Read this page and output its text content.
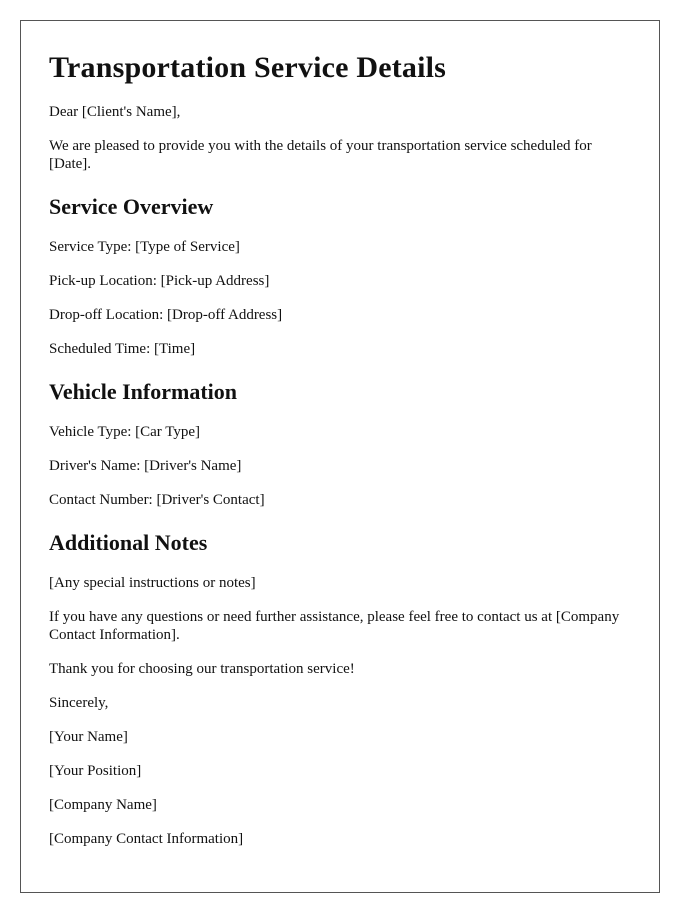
Transportation Service Details

Dear [Client's Name],

We are pleased to provide you with the details of your transportation service scheduled for [Date].

Service Overview

Service Type: [Type of Service]

Pick-up Location: [Pick-up Address]

Drop-off Location: [Drop-off Address]

Scheduled Time: [Time]

Vehicle Information

Vehicle Type: [Car Type]

Driver's Name: [Driver's Name]

Contact Number: [Driver's Contact]

Additional Notes

[Any special instructions or notes]

If you have any questions or need further assistance, please feel free to contact us at [Company Contact Information].

Thank you for choosing our transportation service!

Sincerely,

[Your Name]

[Your Position]

[Company Name]

[Company Contact Information]
